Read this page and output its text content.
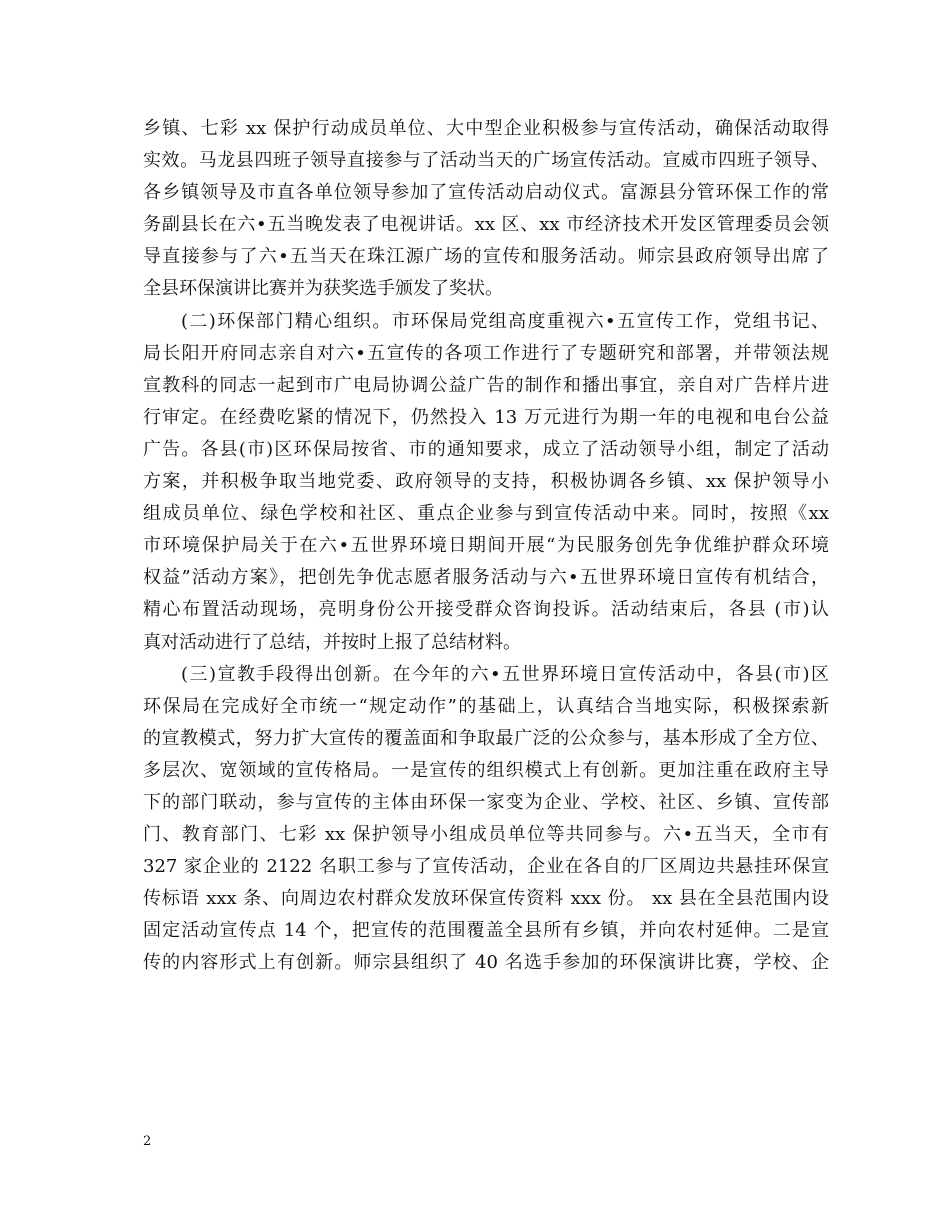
乡镇、七彩 xx 保护行动成员单位、大中型企业积极参与宣传活动，确保活动取得
实效。马龙县四班子领导直接参与了活动当天的广场宣传活动。宣威市四班子领导、
各乡镇领导及市直各单位领导参加了宣传活动启动仪式。富源县分管环保工作的常
务副县长在六•五当晚发表了电视讲话。xx 区、xx 市经济技术开发区管理委员会领
导直接参与了六•五当天在珠江源广场的宣传和服务活动。师宗县政府领导出席了
全县环保演讲比赛并为获奖选手颁发了奖状。
(二)环保部门精心组织。市环保局党组高度重视六•五宣传工作，党组书记、
局长阳开府同志亲自对六•五宣传的各项工作进行了专题研究和部署，并带领法规
宣教科的同志一起到市广电局协调公益广告的制作和播出事宜，亲自对广告样片进
行审定。在经费吃紧的情况下，仍然投入 13 万元进行为期一年的电视和电台公益
广告。各县(市)区环保局按省、市的通知要求，成立了活动领导小组，制定了活动
方案，并积极争取当地党委、政府领导的支持，积极协调各乡镇、xx 保护领导小
组成员单位、绿色学校和社区、重点企业参与到宣传活动中来。同时，按照《xx
市环境保护局关于在六•五世界环境日期间开展“为民服务创先争优维护群众环境
权益”活动方案》，把创先争优志愿者服务活动与六•五世界环境日宣传有机结合，
精心布置活动现场，亮明身份公开接受群众咨询投诉。活动结束后，各县 (市)认
真对活动进行了总结，并按时上报了总结材料。
(三)宣教手段得出创新。在今年的六•五世界环境日宣传活动中，各县(市)区
环保局在完成好全市统一“规定动作”的基础上，认真结合当地实际，积极探索新
的宣教模式，努力扩大宣传的覆盖面和争取最广泛的公众参与，基本形成了全方位、
多层次、宽领域的宣传格局。一是宣传的组织模式上有创新。更加注重在政府主导
下的部门联动，参与宣传的主体由环保一家变为企业、学校、社区、乡镇、宣传部
门、教育部门、七彩 xx 保护领导小组成员单位等共同参与。六•五当天，全市有
327 家企业的 2122 名职工参与了宣传活动，企业在各自的厂区周边共悬挂环保宣
传标语 xxx 条、向周边农村群众发放环保宣传资料 xxx 份。 xx 县在全县范围内设
固定活动宣传点 14 个，把宣传的范围覆盖全县所有乡镇，并向农村延伸。二是宣
传的内容形式上有创新。师宗县组织了 40 名选手参加的环保演讲比赛，学校、企
2
